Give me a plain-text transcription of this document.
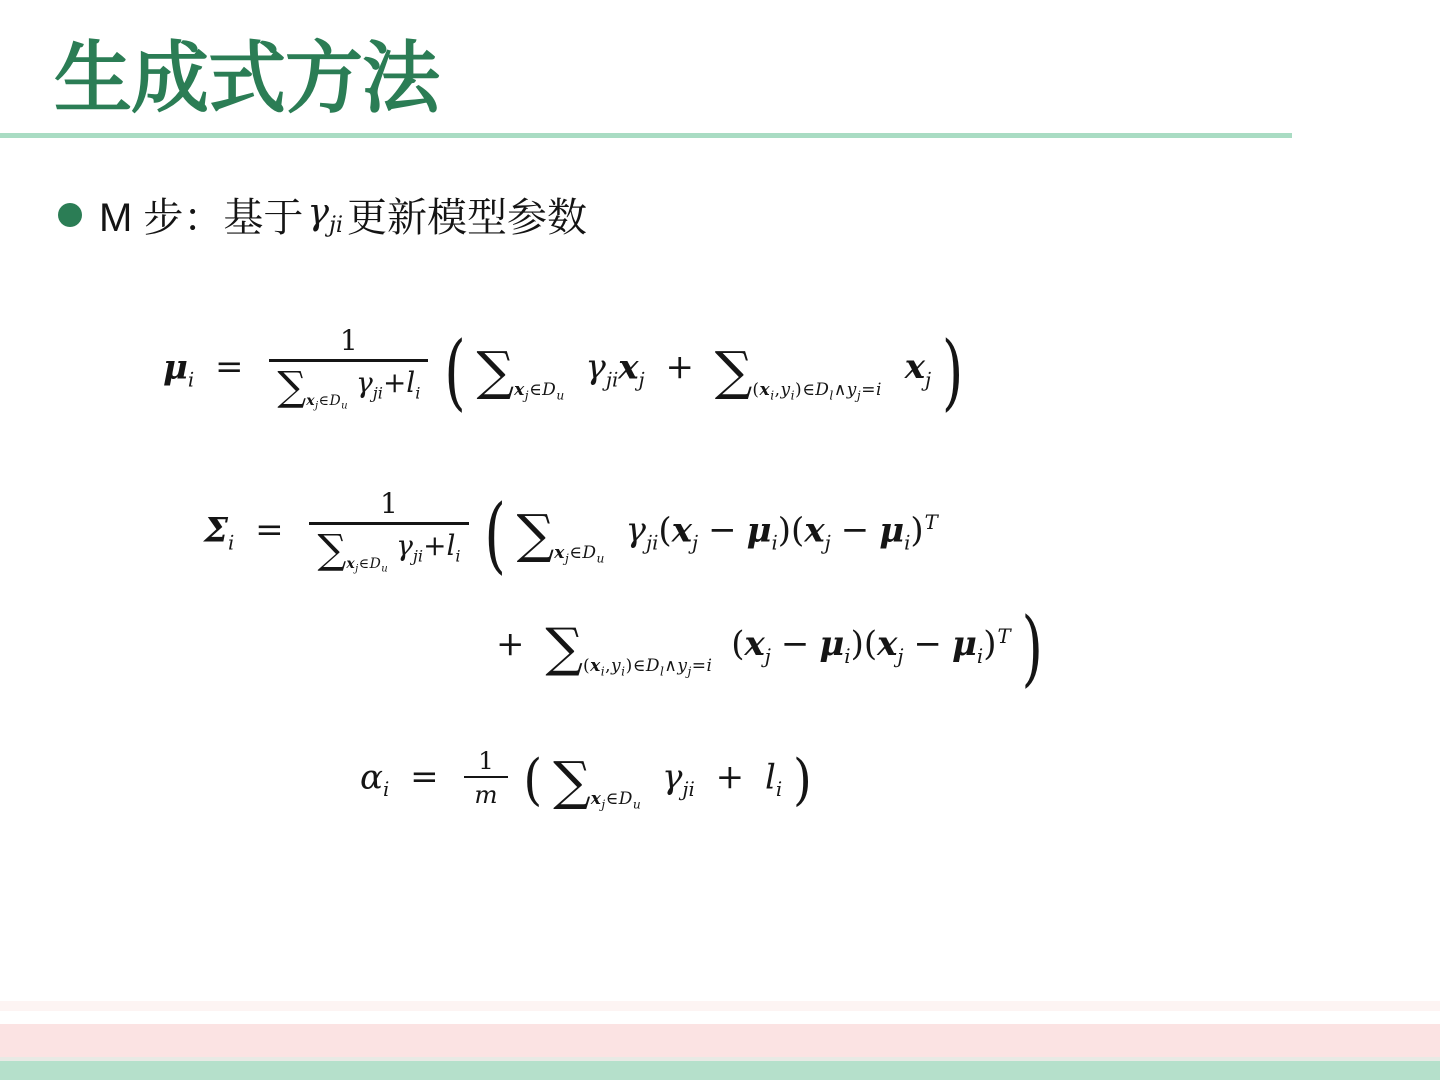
生成式方法
M 步：基于 $\gamma_{ji}$ 更新模型参数
$\mu_i = \frac{1}{\sum_{x_j\in D_u}\gamma_{ji}+l_i}$ ( $\sum_{x_j\in D_u}$ $\gamma_{ji}x_j + \sum_{(x_i,y_i)\in D_l\wedge y_j=i}$ $x_j$ )
$\Sigma_i = \frac{1}{\sum_{x_j\in D_u}\gamma_{ji}+l_i}$ ( $\sum_{x_j\in D_u}$ $\gamma_{ji}(x_j - \mu_i)(x_j - \mu_i)^T$
+ $\sum_{(x_i,y_i)\in D_l\wedge y_j=i}$ $(x_j - \mu_i)(x_j - \mu_i)^T$ )
$\alpha_i = \frac{1}{m}$ ( $\sum_{x_j\in D_u}$ $\gamma_{ji} + l_i$ )
